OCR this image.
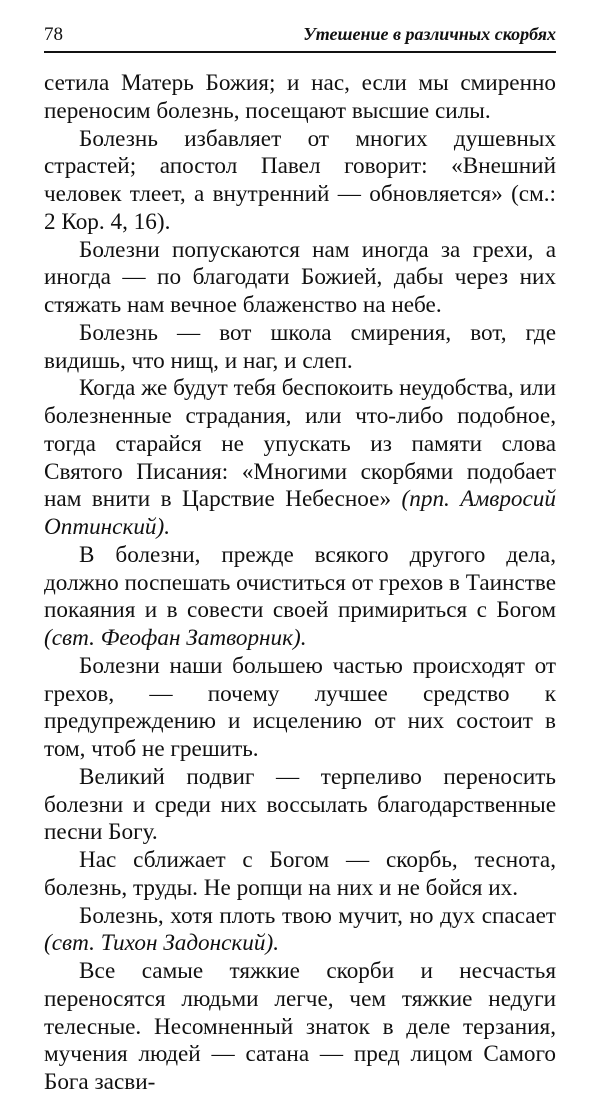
78	Утешение в различных скорбях

сетила Матерь Божия; и нас, если мы смиренно переносим болезнь, посещают высшие силы.

Болезнь избавляет от многих душевных страстей; апостол Павел говорит: «Внешний человек тлеет, а внутренний — обновляется» (см.: 2 Кор. 4, 16).

Болезни попускаются нам иногда за грехи, а иногда — по благодати Божией, дабы через них стяжать нам вечное блаженство на небе.

Болезнь — вот школа смирения, вот, где видишь, что нищ, и наг, и слеп.

Когда же будут тебя беспокоить неудобства, или болезненные страдания, или что-либо подобное, тогда старайся не упускать из памяти слова Святого Писания: «Многими скорбями подобает нам внити в Царствие Небесное» (прп. Амвросий Оптинский).

В болезни, прежде всякого другого дела, должно поспешать очиститься от грехов в Таинстве покаяния и в совести своей примириться с Богом (свт. Феофан Затворник).

Болезни наши большею частью происходят от грехов, — почему лучшее средство к предупреждению и исцелению от них состоит в том, чтоб не грешить.

Великий подвиг — терпеливо переносить болезни и среди них воссылать благодарственные песни Богу.

Нас сближает с Богом — скорбь, теснота, болезнь, труды. Не ропщи на них и не бойся их.

Болезнь, хотя плоть твою мучит, но дух спасает (свт. Тихон Задонский).

Все самые тяжкие скорби и несчастья переносятся людьми легче, чем тяжкие недуги телесные. Несомненный знаток в деле терзания, мучения людей — сатана — пред лицом Самого Бога засви-
